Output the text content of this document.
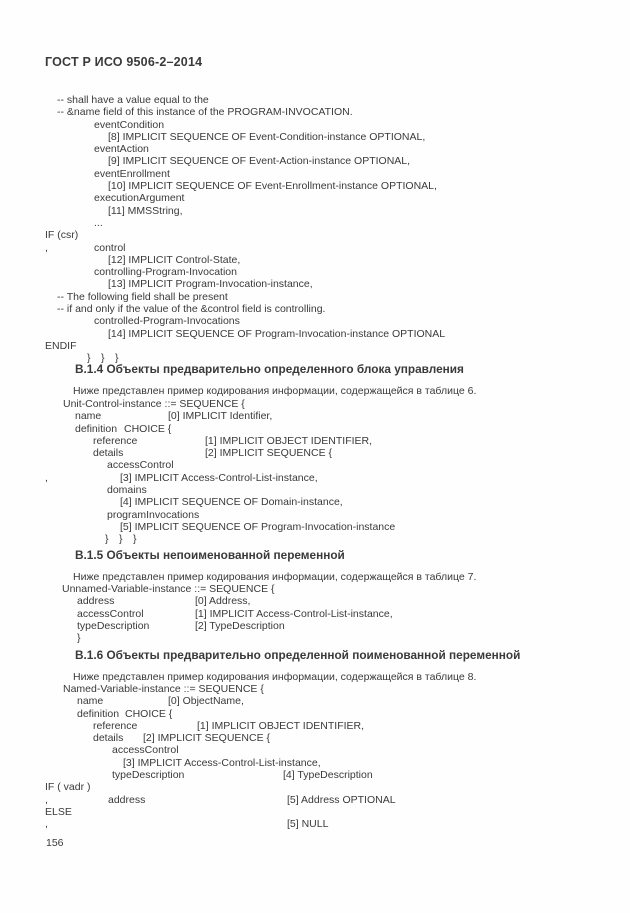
ГОСТ Р ИСО 9506-2–2014
-- shall have a value equal to the
-- &name field of this instance of the PROGRAM-INVOCATION.
eventCondition
[8] IMPLICIT SEQUENCE OF Event-Condition-instance OPTIONAL,
eventAction
[9] IMPLICIT SEQUENCE OF Event-Action-instance OPTIONAL,
eventEnrollment
[10] IMPLICIT SEQUENCE OF Event-Enrollment-instance OPTIONAL,
executionArgument
[11] MMSString,
...
IF (csr)
,	control
[12] IMPLICIT Control-State,
controlling-Program-Invocation
[13] IMPLICIT Program-Invocation-instance,
-- The following field shall be present
-- if and only if the value of the &control field is controlling.
controlled-Program-Invocations
[14] IMPLICIT SEQUENCE OF Program-Invocation-instance OPTIONAL
ENDIF
} } }
В.1.4 Объекты предварительно определенного блока управления
Ниже представлен пример кодирования информации, содержащейся в таблице 6.
Unit-Control-instance ::= SEQUENCE {
name	[0] IMPLICIT Identifier,
definition CHOICE {
reference	[1] IMPLICIT OBJECT IDENTIFIER,
details	[2] IMPLICIT SEQUENCE {
accessControl
,	[3] IMPLICIT Access-Control-List-instance,
domains
[4] IMPLICIT SEQUENCE OF Domain-instance,
programInvocations
[5] IMPLICIT SEQUENCE OF Program-Invocation-instance
} } }
В.1.5 Объекты непоименованной переменной
Ниже представлен пример кодирования информации, содержащейся в таблице 7.
Unnamed-Variable-instance ::= SEQUENCE {
address	[0] Address,
accessControl	[1] IMPLICIT Access-Control-List-instance,
typeDescription	[2] TypeDescription
}
В.1.6 Объекты предварительно определенной поименованной переменной
Ниже представлен пример кодирования информации, содержащейся в таблице 8.
Named-Variable-instance ::= SEQUENCE {
name	[0] ObjectName,
definition CHOICE {
reference	[1] IMPLICIT OBJECT IDENTIFIER,
details [2] IMPLICIT SEQUENCE {
accessControl
[3] IMPLICIT Access-Control-List-instance,
typeDescription	[4] TypeDescription
IF ( vadr )
,	address	[5] Address OPTIONAL
ELSE
,	[5] NULL
156
